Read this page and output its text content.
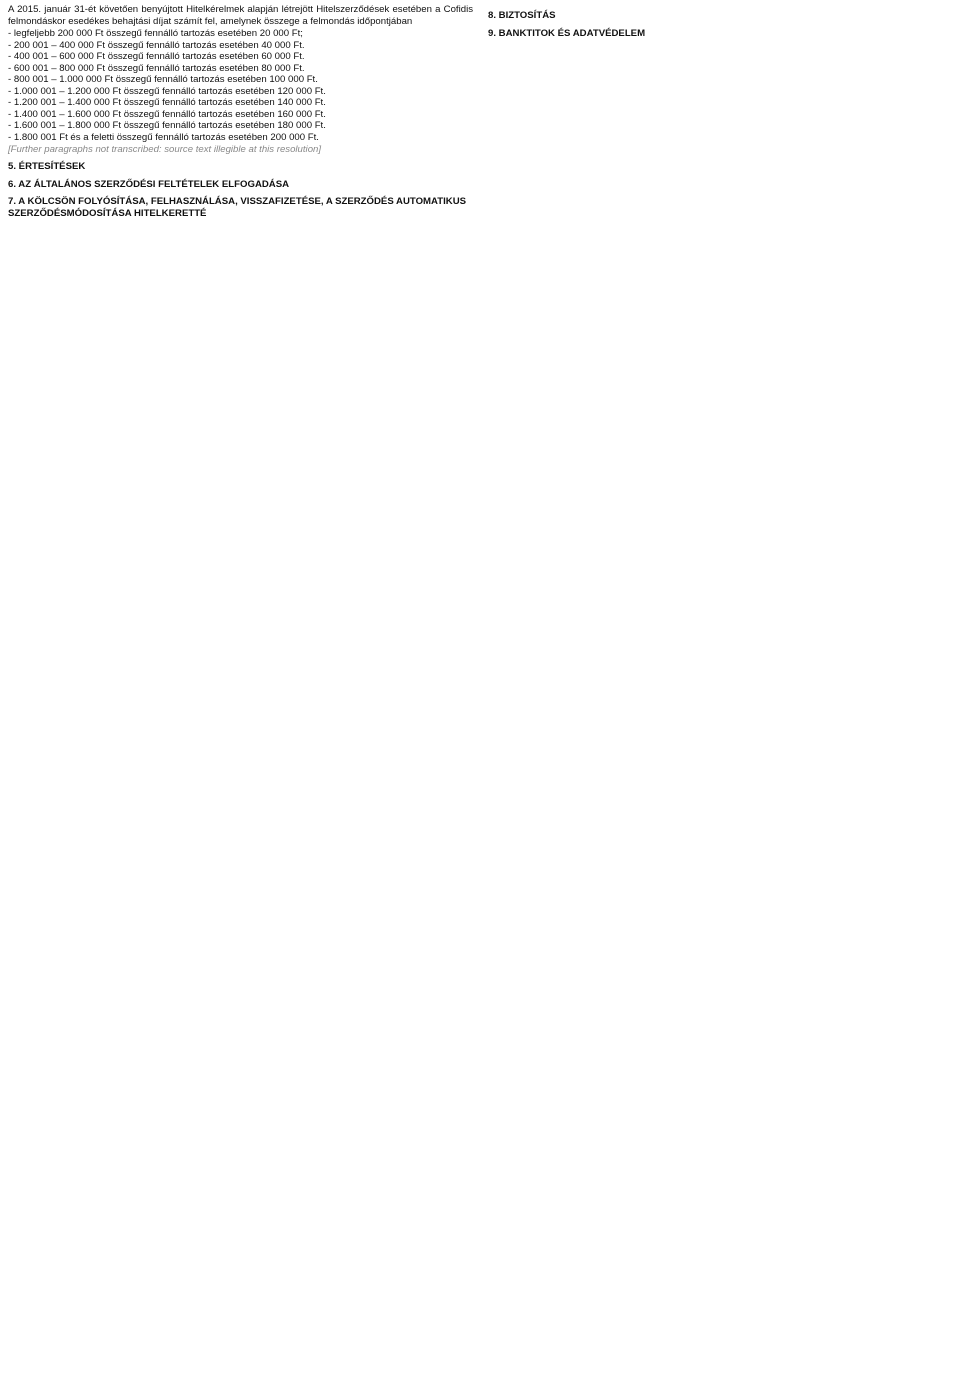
A 2015. január 31-ét követően benyújtott Hitelkérelmek alapján létrejött Hitelszerződések esetében a Cofidis felmondáskor esedékes behajtási díjat számít fel, amelynek összege a felmondás időpontjában

- legfeljebb 200 000 Ft összegű fennálló tartozás esetében 20 000 Ft;

- 200 001 – 400 000 Ft összegű fennálló tartozás esetében 40 000 Ft.

- 400 001 – 600 000 Ft összegű fennálló tartozás esetében 60 000 Ft.

- 600 001 – 800 000 Ft összegű fennálló tartozás esetében 80 000 Ft.

- 800 001 – 1.000 000 Ft összegű fennálló tartozás esetében 100 000 Ft.

- 1.000 001 – 1.200 000 Ft összegű fennálló tartozás esetében 120 000 Ft.

- 1.200 001 – 1.400 000 Ft összegű fennálló tartozás esetében 140 000 Ft.

- 1.400 001 – 1.600 000 Ft összegű fennálló tartozás esetében 160 000 Ft.

- 1.600 001 – 1.800 000 Ft összegű fennálló tartozás esetében 180 000 Ft.

- 1.800 001 Ft és a feletti összegű fennálló tartozás esetében 200 000 Ft.

[Further paragraphs not transcribed: source text illegible at this resolution]

5. ÉRTESÍTÉSEK
6. AZ ÁLTALÁNOS SZERZŐDÉSI FELTÉTELEK ELFOGADÁSA
7. A KÖLCSÖN FOLYÓSÍTÁSA, FELHASZNÁLÁSA, VISSZAFIZETÉSE, A SZERZŐDÉS AUTOMATIKUS SZERZŐDÉSMÓDOSÍTÁSA HITELKERETTÉ
8. BIZTOSÍTÁS
9. BANKTITOK ÉS ADATVÉDELEM
